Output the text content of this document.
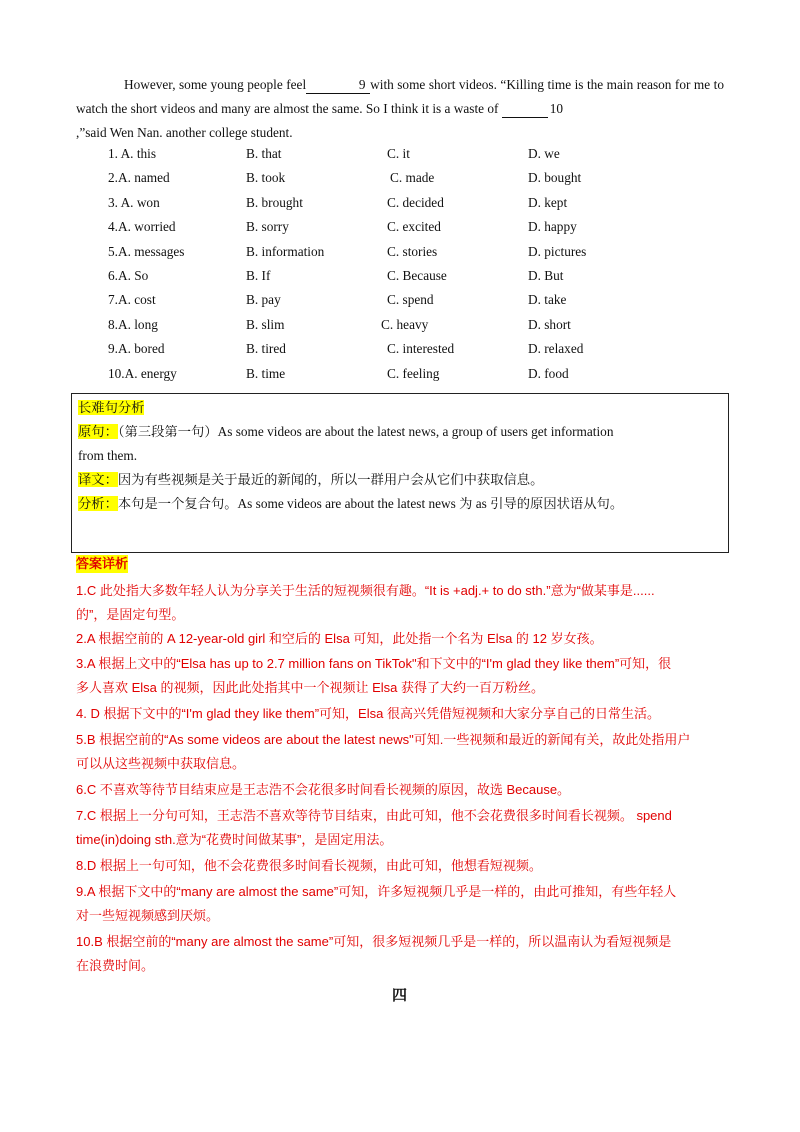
However, some young people feel	9 with some short videos. “Killing time is the main reason for me to watch the short videos and many are almost the same. So I think it is a waste of	10
,”said Wen Nan. another college student.
1. A. this	B. that	C. it	D. we
2.A. named	B. took	C. made	D. bought
3. A. won	B. brought	C. decided	D. kept
4.A. worried	B. sorry	C. excited	D. happy
5.A. messages	B. information	C. stories	D. pictures
6.A. So	B. If	C. Because	D. But
7.A. cost	B. pay	C. spend	D. take
8.A. long	B. slim	C. heavy	D. short
9.A. bored	B. tired	C. interested	D. relaxed
10.A. energy	B. time	C. feeling	D. food
长难句分析
原句：（第三段第一句）As some videos are about the latest news, a group of users get information
from them.
译文：因为有些视频是关于最近的新闻的，所以一群用户会从它们中获取信息。
分析：本句是一个复合句。As some videos are about the latest news 为 as 引导的原因状语从句。
答案详析
1.C 此处指大多数年轻人认为分享关于生活的短视频很有趣。“It is +adj.+ to do sth.”意为“做某事是......
的”，是固定句型。
2.A 根据空前的 A 12-year-old girl 和空后的 Elsa 可知，此处指一个名为 Elsa 的 12 岁女孩。
3.A 根据上文中的“Elsa has up to 2.7 million fans on TikTok"和下文中的“I'm glad they like them”可知，很
多人喜欢 Elsa 的视频，因此此处指其中一个视频让 Elsa 获得了大约一百万粉丝。
4. D 根据下文中的“I'm glad they like them”可知，Elsa 很高兴凭借短视频和大家分享自己的日常生活。
5.B 根据空前的“As some videos are about the latest news"可知.一些视频和最近的新闻有关，故此处指用户
可以从这些视频中获取信息。
6.C 不喜欢等待节目结束应是王志浩不会花很多时间看长视频的原因，故选 Because。
7.C 根据上一分句可知，王志浩不喜欢等待节目结束，由此可知，他不会花费很多时间看长视频。 spend
time(in)doing sth.意为“花费时间做某事”，是固定用法。
8.D 根据上一句可知，他不会花费很多时间看长视频，由此可知，他想看短视频。
9.A 根据下文中的“many are almost the same”可知，许多短视频几乎是一样的，由此可推知，有些年轻人
对一些短视频感到厌烦。
10.B 根据空前的“many are almost the same”可知，很多短视频几乎是一样的，所以温南认为看短视频是
在浪费时间。
四
